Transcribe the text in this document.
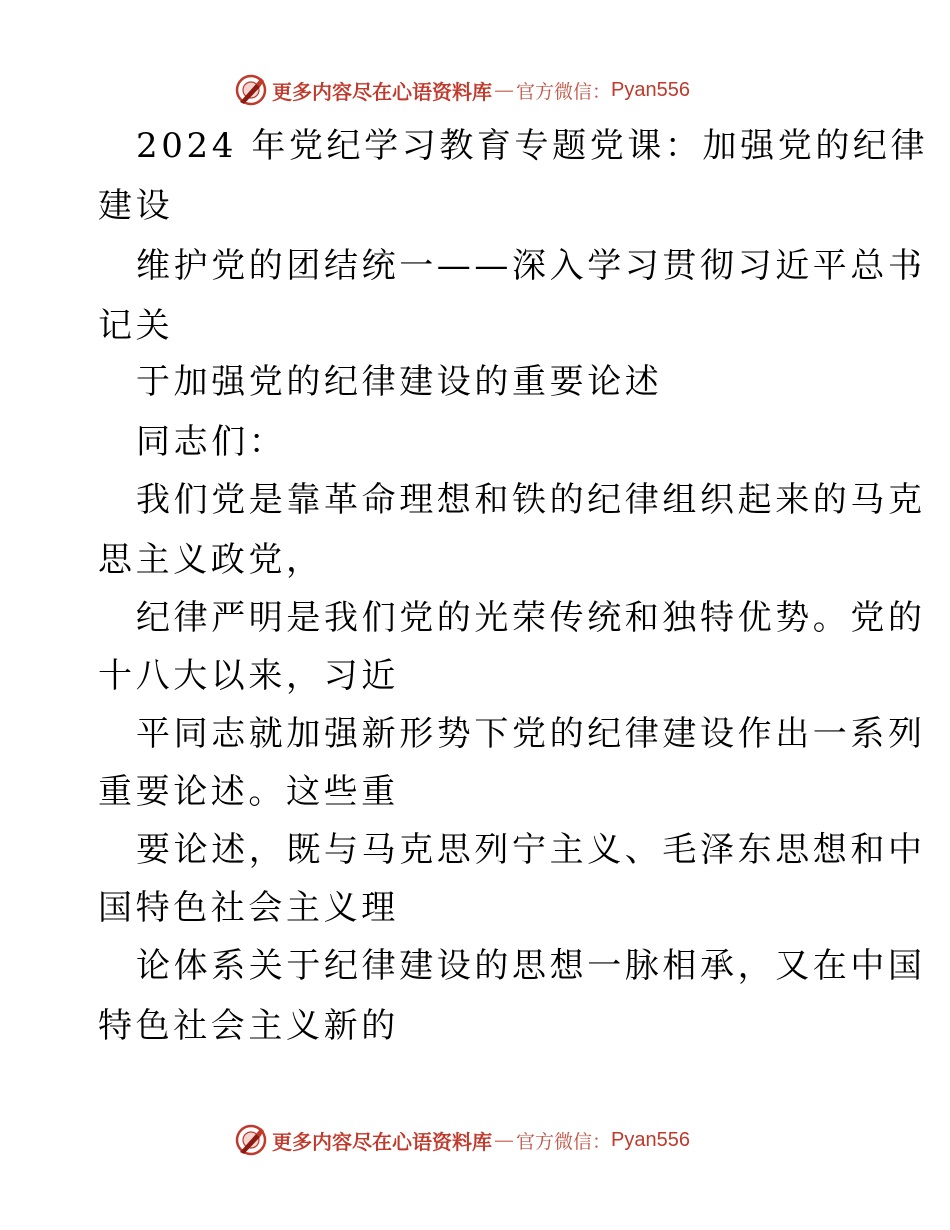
更多内容尽在心语资料库 — 官方微信： Pyan556
2024 年党纪学习教育专题党课：加强党的纪律
建设
维护党的团结统一——深入学习贯彻习近平总书
记关
于加强党的纪律建设的重要论述
同志们：
我们党是靠革命理想和铁的纪律组织起来的马克
思主义政党，
纪律严明是我们党的光荣传统和独特优势。党的
十八大以来，习近
平同志就加强新形势下党的纪律建设作出一系列
重要论述。这些重
要论述，既与马克思列宁主义、毛泽东思想和中
国特色社会主义理
论体系关于纪律建设的思想一脉相承，又在中国
特色社会主义新的
更多内容尽在心语资料库 — 官方微信： Pyan556
